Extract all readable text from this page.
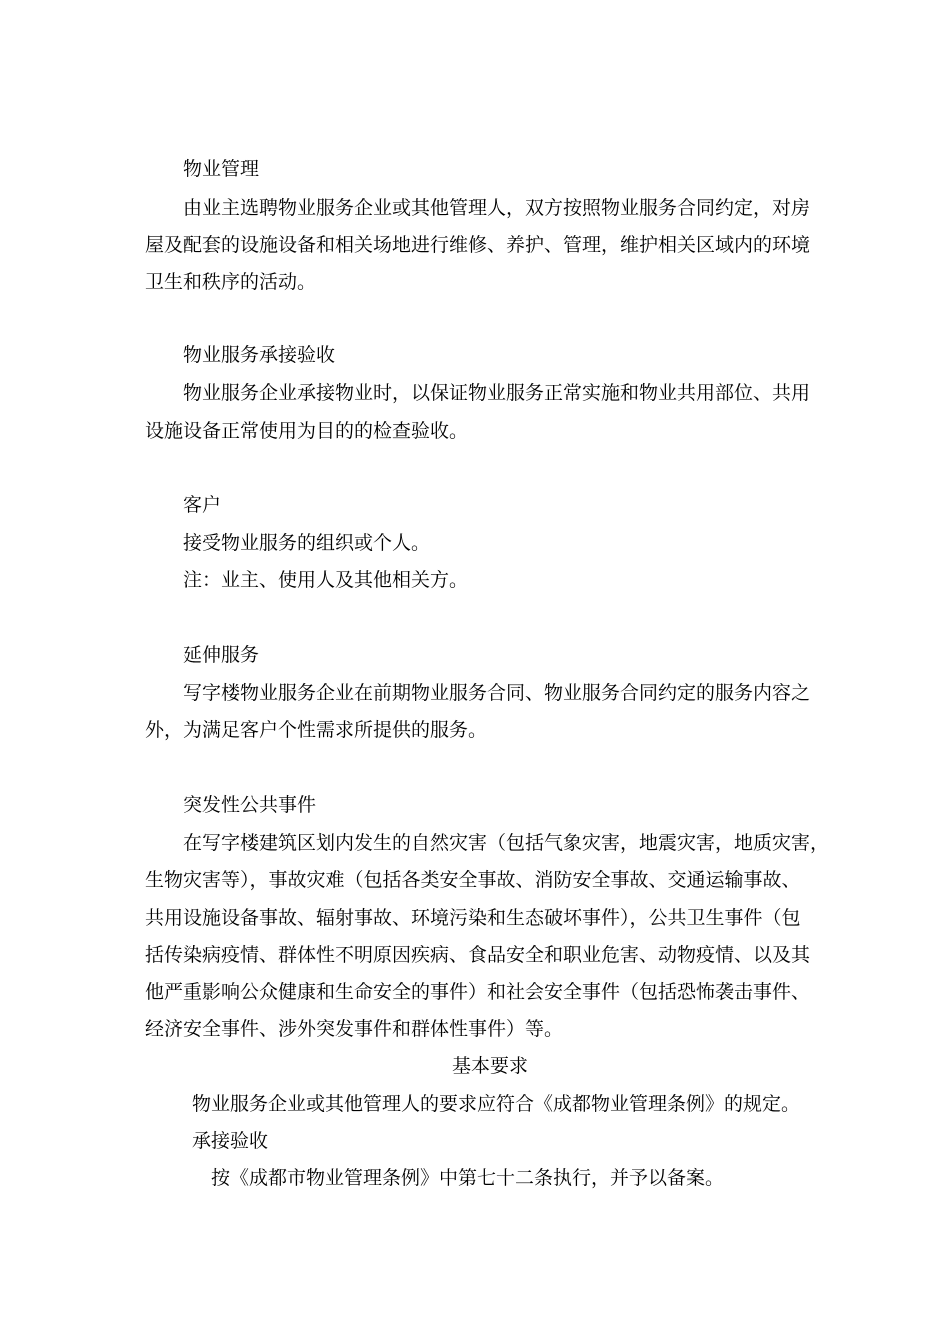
物业管理
由业主选聘物业服务企业或其他管理人，双方按照物业服务合同约定，对房
屋及配套的设施设备和相关场地进行维修、养护、管理，维护相关区域内的环境
卫生和秩序的活动。
物业服务承接验收
物业服务企业承接物业时，以保证物业服务正常实施和物业共用部位、共用
设施设备正常使用为目的的检查验收。
客户
接受物业服务的组织或个人。
注：业主、使用人及其他相关方。
延伸服务
写字楼物业服务企业在前期物业服务合同、物业服务合同约定的服务内容之
外，为满足客户个性需求所提供的服务。
突发性公共事件
在写字楼建筑区划内发生的自然灾害（包括气象灾害，地震灾害，地质灾害，
生物灾害等），事故灾难（包括各类安全事故、消防安全事故、交通运输事故、
共用设施设备事故、辐射事故、环境污染和生态破坏事件），公共卫生事件（包
括传染病疫情、群体性不明原因疾病、食品安全和职业危害、动物疫情、以及其
他严重影响公众健康和生命安全的事件）和社会安全事件（包括恐怖袭击事件、
经济安全事件、涉外突发事件和群体性事件）等。
基本要求
物业服务企业或其他管理人的要求应符合《成都物业管理条例》的规定。
承接验收
按《成都市物业管理条例》中第七十二条执行，并予以备案。
